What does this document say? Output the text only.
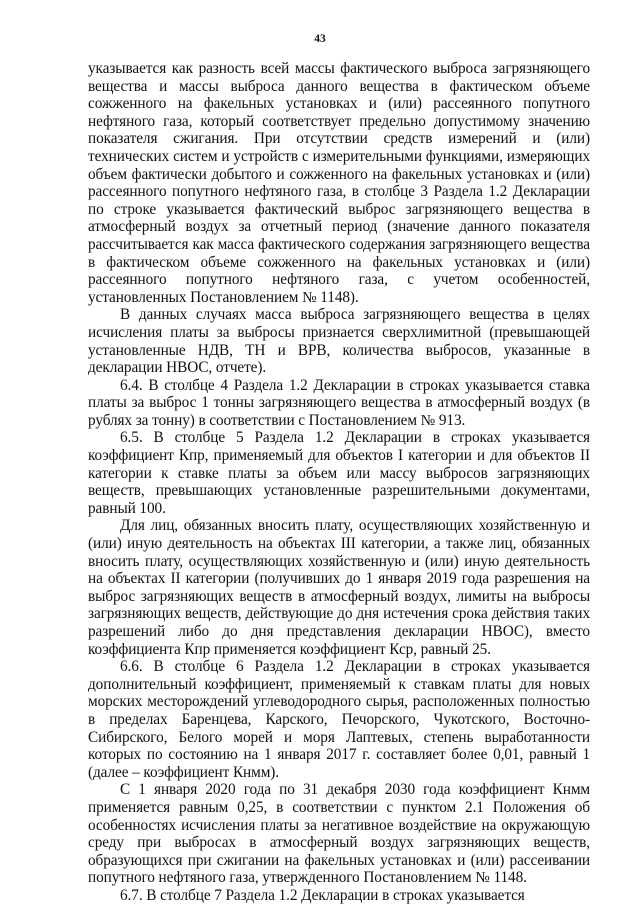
43

указывается как разность всей массы фактического выброса загрязняющего вещества и массы выброса данного вещества в фактическом объеме сожженного на факельных установках и (или) рассеянного попутного нефтяного газа, который соответствует предельно допустимому значению показателя сжигания. При отсутствии средств измерений и (или) технических систем и устройств с измерительными функциями, измеряющих объем фактически добытого и сожженного на факельных установках и (или) рассеянного попутного нефтяного газа, в столбце 3 Раздела 1.2 Декларации по строке указывается фактический выброс загрязняющего вещества в атмосферный воздух за отчетный период (значение данного показателя рассчитывается как масса фактического содержания загрязняющего вещества в фактическом объеме сожженного на факельных установках и (или) рассеянного попутного нефтяного газа, с учетом особенностей, установленных Постановлением № 1148).

В данных случаях масса выброса загрязняющего вещества в целях исчисления платы за выбросы признается сверхлимитной (превышающей установленные НДВ, ТН и ВРВ, количества выбросов, указанные в декларации НВОС, отчете).

6.4. В столбце 4 Раздела 1.2 Декларации в строках указывается ставка платы за выброс 1 тонны загрязняющего вещества в атмосферный воздух (в рублях за тонну) в соответствии с Постановлением № 913.

6.5. В столбце 5 Раздела 1.2 Декларации в строках указывается коэффициент Кпр, применяемый для объектов I категории и для объектов II категории к ставке платы за объем или массу выбросов загрязняющих веществ, превышающих установленные разрешительными документами, равный 100.

Для лиц, обязанных вносить плату, осуществляющих хозяйственную и (или) иную деятельность на объектах III категории, а также лиц, обязанных вносить плату, осуществляющих хозяйственную и (или) иную деятельность на объектах II категории (получивших до 1 января 2019 года разрешения на выброс загрязняющих веществ в атмосферный воздух, лимиты на выбросы загрязняющих веществ, действующие до дня истечения срока действия таких разрешений либо до дня представления декларации НВОС), вместо коэффициента Кпр применяется коэффициент Кср, равный 25.

6.6. В столбце 6 Раздела 1.2 Декларации в строках указывается дополнительный коэффициент, применяемый к ставкам платы для новых морских месторождений углеводородного сырья, расположенных полностью в пределах Баренцева, Карского, Печорского, Чукотского, Восточно-Сибирского, Белого морей и моря Лаптевых, степень выработанности которых по состоянию на 1 января 2017 г. составляет более 0,01, равный 1 (далее – коэффициент Кнмм).

С 1 января 2020 года по 31 декабря 2030 года коэффициент Кнмм применяется равным 0,25, в соответствии с пунктом 2.1 Положения об особенностях исчисления платы за негативное воздействие на окружающую среду при выбросах в атмосферный воздух загрязняющих веществ, образующихся при сжигании на факельных установках и (или) рассеивании попутного нефтяного газа, утвержденного Постановлением № 1148.

6.7. В столбце 7 Раздела 1.2 Декларации в строках указывается
